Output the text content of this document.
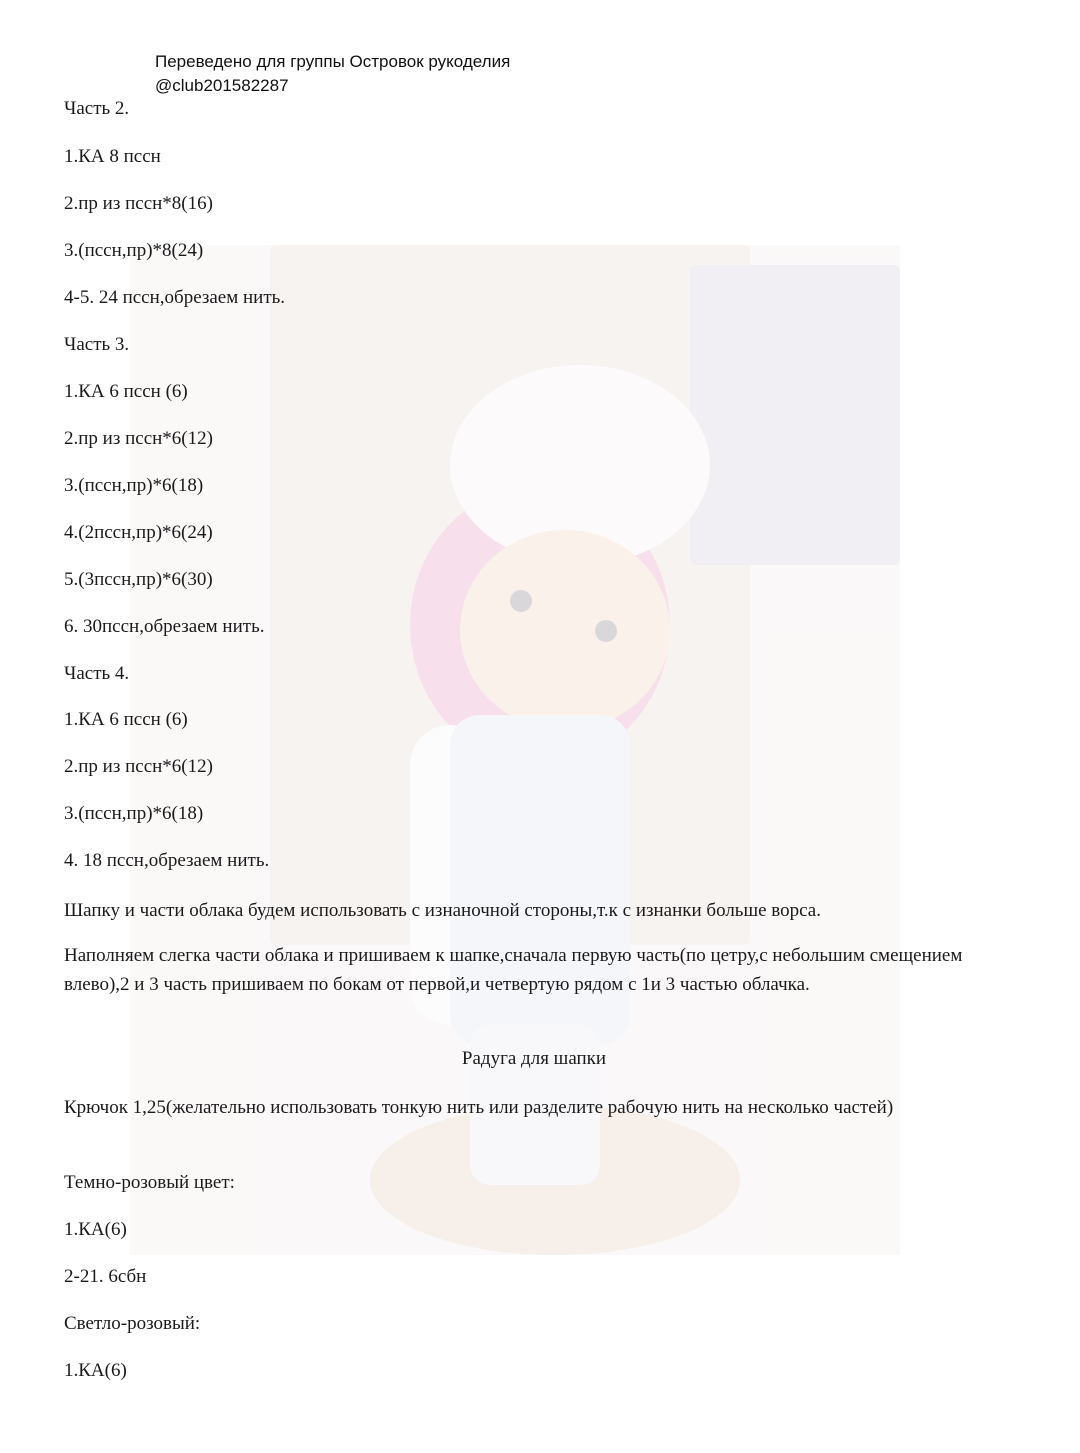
Переведено для группы Островок рукоделия
@club201582287
Часть 2.
1.КА 8 пссн
2.пр из пссн*8(16)
3.(пссн,пр)*8(24)
4-5. 24 пссн,обрезаем нить.
Часть 3.
1.КА 6 пссн (6)
2.пр из пссн*6(12)
3.(пссн,пр)*6(18)
4.(2пссн,пр)*6(24)
5.(3пссн,пр)*6(30)
6. 30пссн,обрезаем нить.
Часть 4.
1.КА 6 пссн (6)
2.пр из пссн*6(12)
3.(пссн,пр)*6(18)
4. 18 пссн,обрезаем нить.
Шапку и части облака будем использовать с изнаночной стороны,т.к с изнанки больше ворса.
Наполняем слегка части облака и пришиваем к шапке,сначала первую часть(по цетру,с небольшим смещением влево),2 и 3 часть пришиваем по бокам от первой,и четвертую рядом с 1и 3 частью облачка.
Радуга для шапки
Крючок 1,25(желательно использовать тонкую нить или разделите рабочую нить на несколько частей)
Темно-розовый цвет:
1.КА(6)
2-21. 6сбн
Светло-розовый:
1.КА(6)
